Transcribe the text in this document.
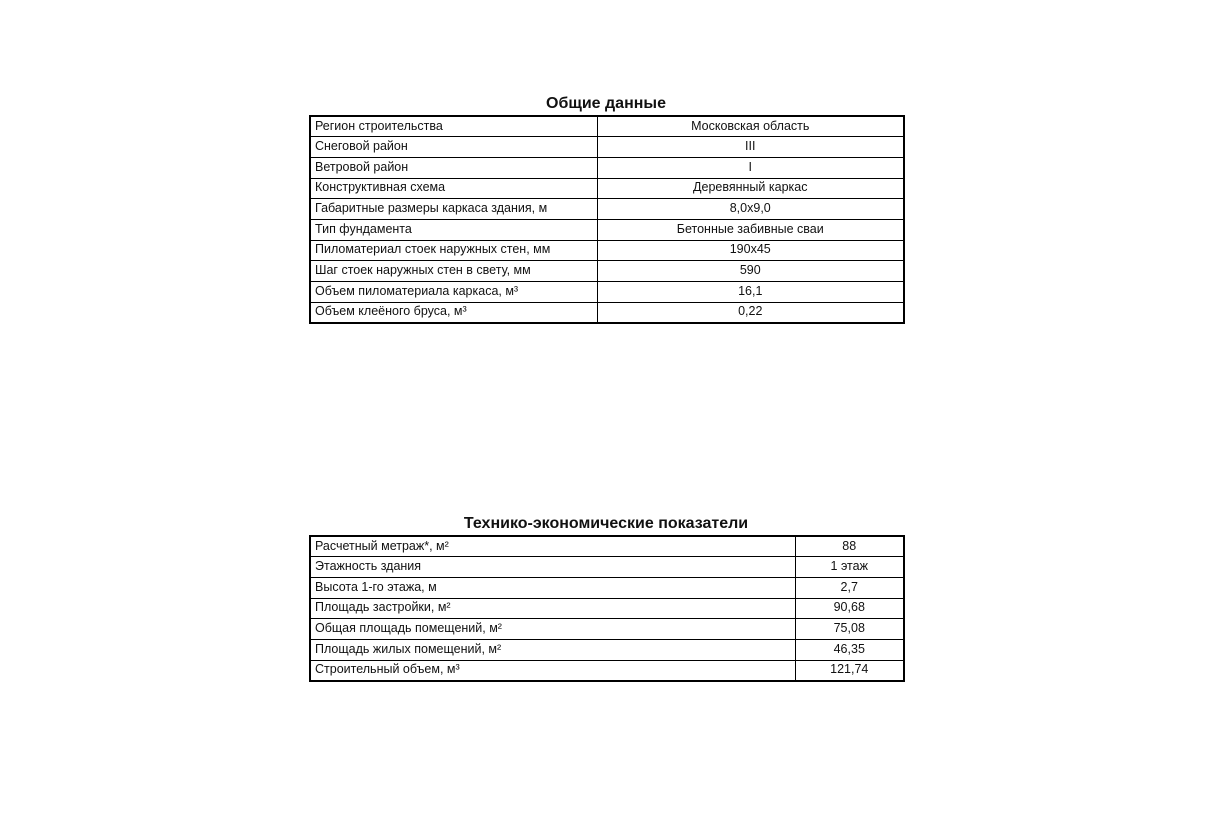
Общие данные
Регион строительства	Московская область
Снеговой район	III
Ветровой район	I
Конструктивная схема	Деревянный каркас
Габаритные размеры каркаса здания, м	8,0x9,0
Тип фундамента	Бетонные забивные сваи
Пиломатериал стоек наружных стен, мм	190x45
Шаг стоек наружных стен в свету, мм	590
Объем пиломатериала каркаса, м³	16,1
Объем клеёного бруса, м³	0,22
Технико-экономические показатели
Расчетный метраж*, м²	88
Этажность здания	1 этаж
Высота 1-го этажа, м	2,7
Площадь застройки, м²	90,68
Общая площадь помещений, м²	75,08
Площадь жилых помещений, м²	46,35
Строительный объем, м³	121,74
